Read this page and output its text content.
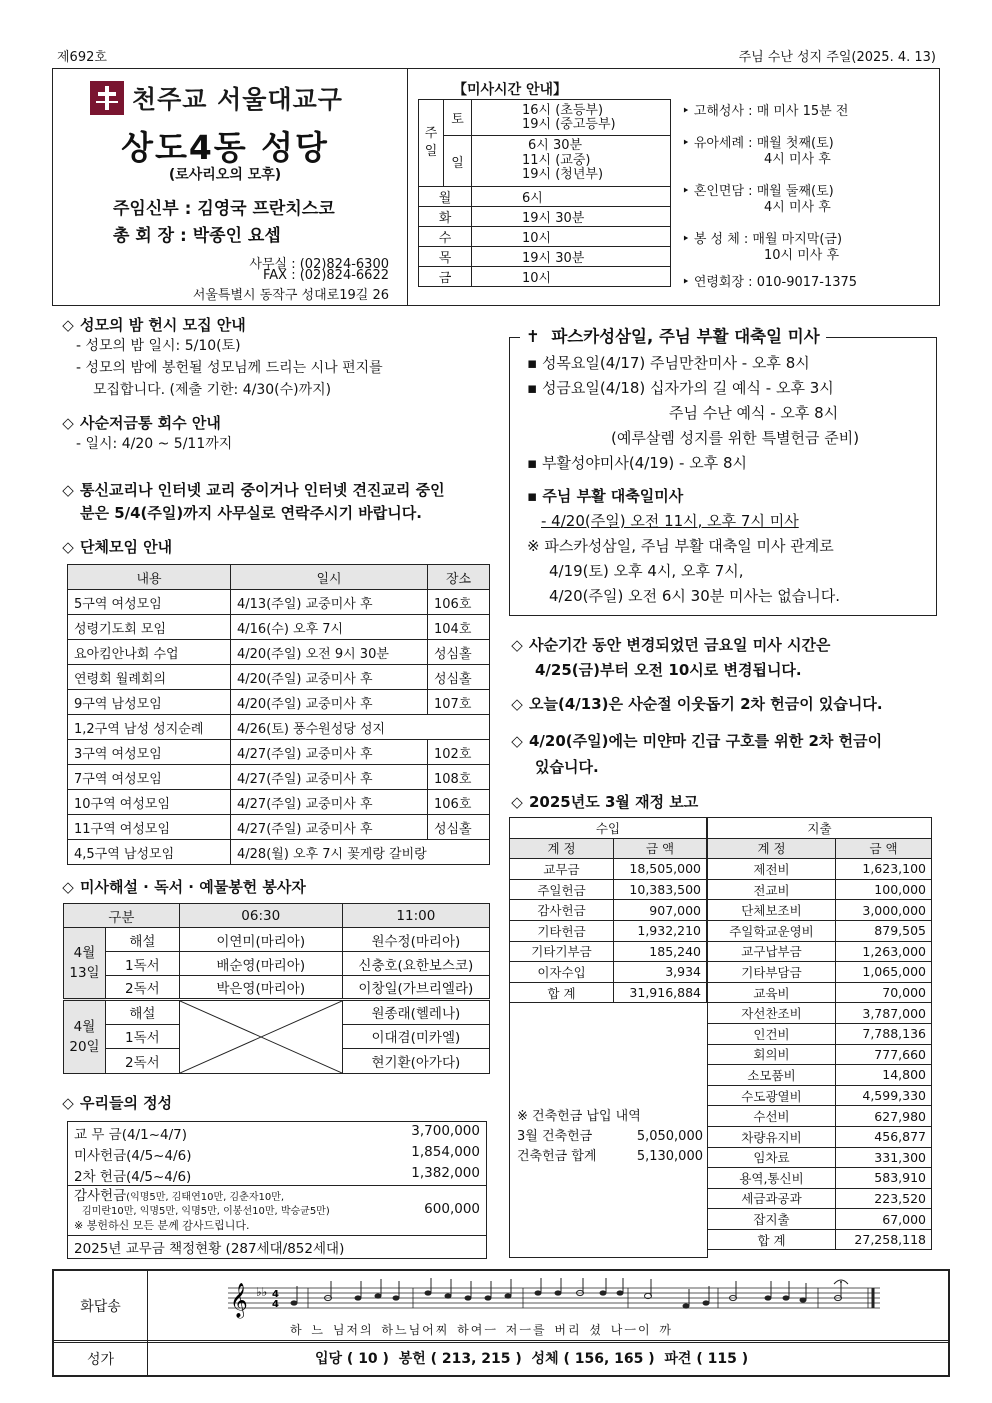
제692호	주님 수난 성지 주일(2025. 4. 13)
천주교 서울대교구
상도4동 성당
(로사리오의 모후)
주임신부 : 김영국 프란치스코
총 회 장 : 박종인 요셉
사무실 : (02)824-6300
FAX : (02)824-6622
서울특별시 동작구 성대로19길 26
【미사시간 안내】
주일	토	16시 (초등부)
19시 (중고등부)

	일	6시 30분
11시 (교중)
19시 (청년부)

월		6시
화		19시 30분
수		10시
목		19시 30분
금		10시
‣ 고해성사 : 매 미사 15분 전
‣ 유아세례 : 매월 첫째(토)
4시 미사 후
‣ 혼인면담 : 매월 둘째(토)
4시 미사 후
‣ 봉 성 체 : 매월 마지막(금)
10시 미사 후
‣ 연령회장 : 010-9017-1375
◇ 성모의 밤 헌시 모집 안내
- 성모의 밤 일시: 5/10(토)
- 성모의 밤에 봉헌될 성모님께 드리는 시나 편지를
모집합니다. (제출 기한: 4/30(수)까지)
◇ 사순저금통 회수 안내
- 일시: 4/20 ~ 5/11까지
◇ 통신교리나 인터넷 교리 중이거나 인터넷 견진교리 중인
분은 5/4(주일)까지 사무실로 연락주시기 바랍니다.
◇ 단체모임 안내
내용	일시	장소
5구역 여성모임	4/13(주일) 교중미사 후	106호
성령기도회 모임	4/16(수) 오후 7시	104호
요아킴안나회 수업	4/20(주일) 오전 9시 30분	성심홀
연령회 월례회의	4/20(주일) 교중미사 후	성심홀
9구역 남성모임	4/20(주일) 교중미사 후	107호
1,2구역 남성 성지순례	4/26(토) 풍수원성당 성지	
3구역 여성모임	4/27(주일) 교중미사 후	102호
7구역 여성모임	4/27(주일) 교중미사 후	108호
10구역 여성모임	4/27(주일) 교중미사 후	106호
11구역 여성모임	4/27(주일) 교중미사 후	성심홀
4,5구역 남성모임	4/28(월) 오후 7시 꽃게랑 갈비랑	
◇ 미사해설 · 독서 · 예물봉헌 봉사자
구분		06:30	11:00
4월 13일	해설	이연미(마리아)	원수정(마리아)
	1독서	배순영(마리아)	신충호(요한보스코)
	2독서	박은영(마리아)	이창일(가브리엘라)
4월 20일	해설		원종래(헬레나)
	1독서		이대겸(미카엘)
	2독서		현기환(아가다)
◇ 우리들의 정성
교 무 금(4/1~4/7)	3,700,000

미사헌금(4/5~4/6)	1,854,000

2차 헌금(4/5~4/6)	1,382,000

감사헌금(익명5만, 김태연10만, 김춘자10만,
김미란10만, 익명5만, 익명5만, 이봉선10만, 박승균5만)
※ 봉헌하신 모든 분께 감사드립니다.
600,000

2025년 교무금 책정현황 (287세대/852세대)
✝ 파스카성삼일, 주님 부활 대축일 미사
▪ 성목요일(4/17) 주님만찬미사 - 오후 8시
▪ 성금요일(4/18) 십자가의 길 예식 - 오후 3시
주님 수난 예식 - 오후 8시
(예루살렘 성지를 위한 특별헌금 준비)
▪ 부활성야미사(4/19) - 오후 8시
▪ 주님 부활 대축일미사
- 4/20(주일) 오전 11시, 오후 7시 미사
※ 파스카성삼일, 주님 부활 대축일 미사 관계로
4/19(토) 오후 4시, 오후 7시,
4/20(주일) 오전 6시 30분 미사는 없습니다.
◇ 사순기간 동안 변경되었던 금요일 미사 시간은
4/25(금)부터 오전 10시로 변경됩니다.
◇ 오늘(4/13)은 사순절 이웃돕기 2차 헌금이 있습니다.
◇ 4/20(주일)에는 미얀마 긴급 구호를 위한 2차 헌금이
있습니다.
◇ 2025년도 3월 재정 보고
수입	
계 정	금 액
교무금	18,505,000
주일헌금	10,383,500
감사헌금	907,000
기타헌금	1,932,210
기타기부금	185,240
이자수입	3,934
합 계	31,916,884
지출	
계 정	금 액
제전비	1,623,100
전교비	100,000
단체보조비	3,000,000
주일학교운영비	879,505
교구납부금	1,263,000
기타부담금	1,065,000
교육비	70,000
자선찬조비	3,787,000
인건비	7,788,136
회의비	777,660
소모품비	14,800
수도광열비	4,599,330
수선비	627,980
차량유지비	456,877
임차료	331,300
용역,통신비	583,910
세금과공과	223,520
잡지출	67,000
합 계	27,258,118
※ 건축헌금 납입 내역
3월 건축헌금	5,050,000
건축헌금 합계	5,130,000
화답송
성가	입당 ( 10 )  봉헌 ( 213, 215 )  성체 ( 156, 165 )  파견 ( 115 )
𝄞 ♭♭ 4
4
하 느 님저의 하느님어찌 하여ㅡ 저ㅡ를 버리 셨 나ㅡ이 까
